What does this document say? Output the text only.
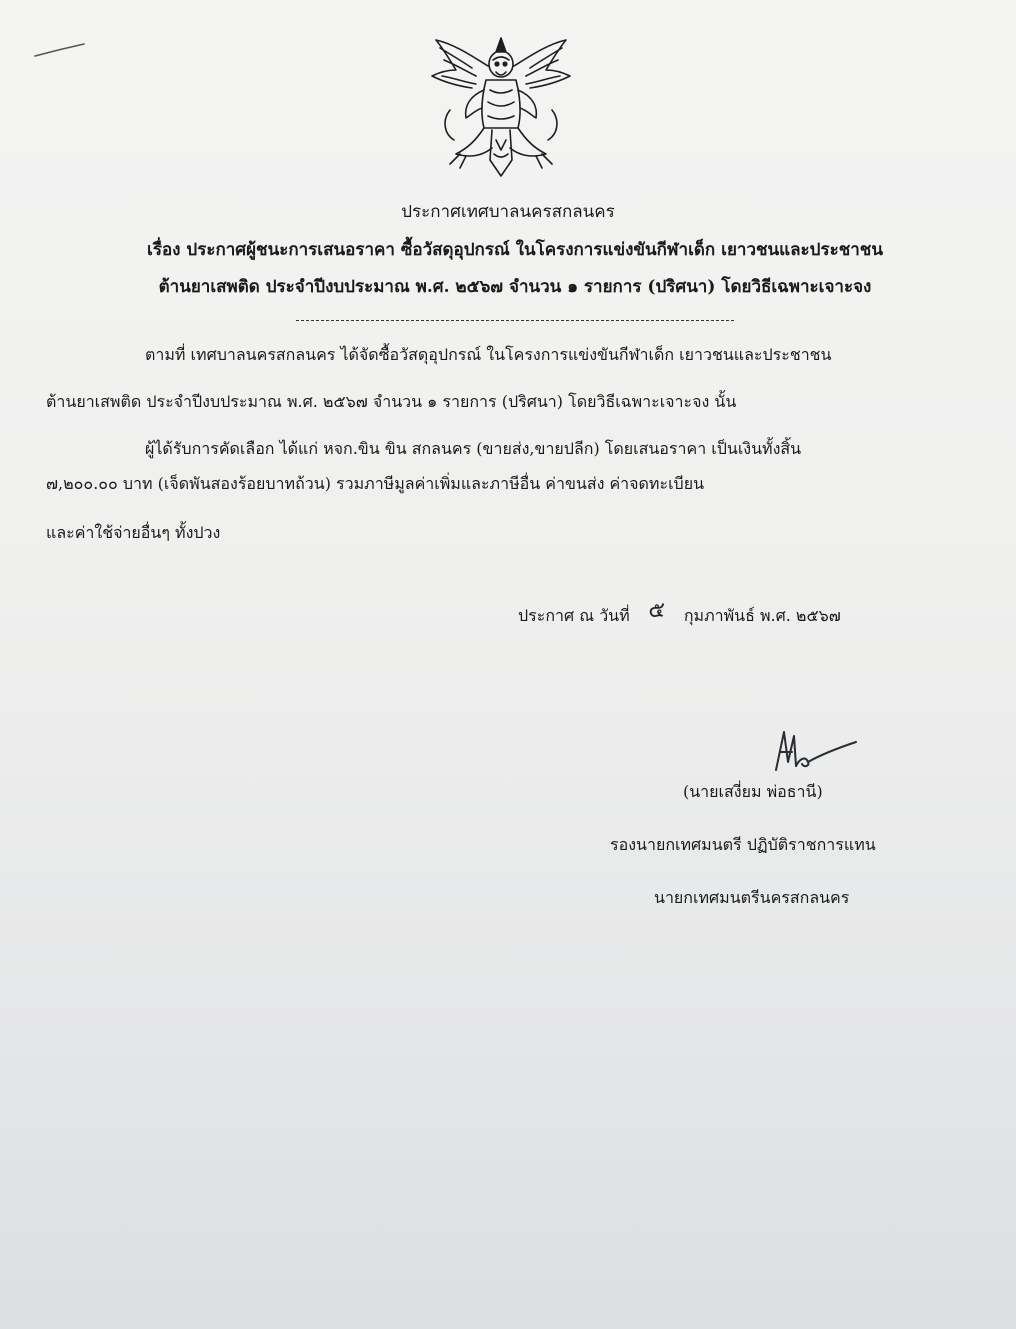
ประกาศเทศบาลนครสกลนคร
เรื่อง ประกาศผู้ชนะการเสนอราคา ซื้อวัสดุอุปกรณ์ ในโครงการแข่งขันกีฬาเด็ก เยาวชนและประชาชน
ต้านยาเสพติด ประจำปีงบประมาณ พ.ศ. ๒๕๖๗ จำนวน ๑ รายการ (ปริศนา) โดยวิธีเฉพาะเจาะจง
ตามที่ เทศบาลนครสกลนคร ได้จัดซื้อวัสดุอุปกรณ์ ในโครงการแข่งขันกีฬาเด็ก เยาวชนและประชาชน
ต้านยาเสพติด ประจำปีงบประมาณ พ.ศ. ๒๕๖๗ จำนวน ๑ รายการ (ปริศนา) โดยวิธีเฉพาะเจาะจง นั้น
ผู้ได้รับการคัดเลือก ได้แก่ หจก.ขิน ขิน สกลนคร (ขายส่ง,ขายปลีก) โดยเสนอราคา เป็นเงินทั้งสิ้น
๗,๒๐๐.๐๐ บาท (เจ็ดพันสองร้อยบาทถ้วน) รวมภาษีมูลค่าเพิ่มและภาษีอื่น ค่าขนส่ง ค่าจดทะเบียน
และค่าใช้จ่ายอื่นๆ ทั้งปวง
ประกาศ ณ วันที่ ๕ กุมภาพันธ์ พ.ศ. ๒๕๖๗
(นายเสงี่ยม พ่อธานี)
รองนายกเทศมนตรี ปฏิบัติราชการแทน
นายกเทศมนตรีนครสกลนคร
